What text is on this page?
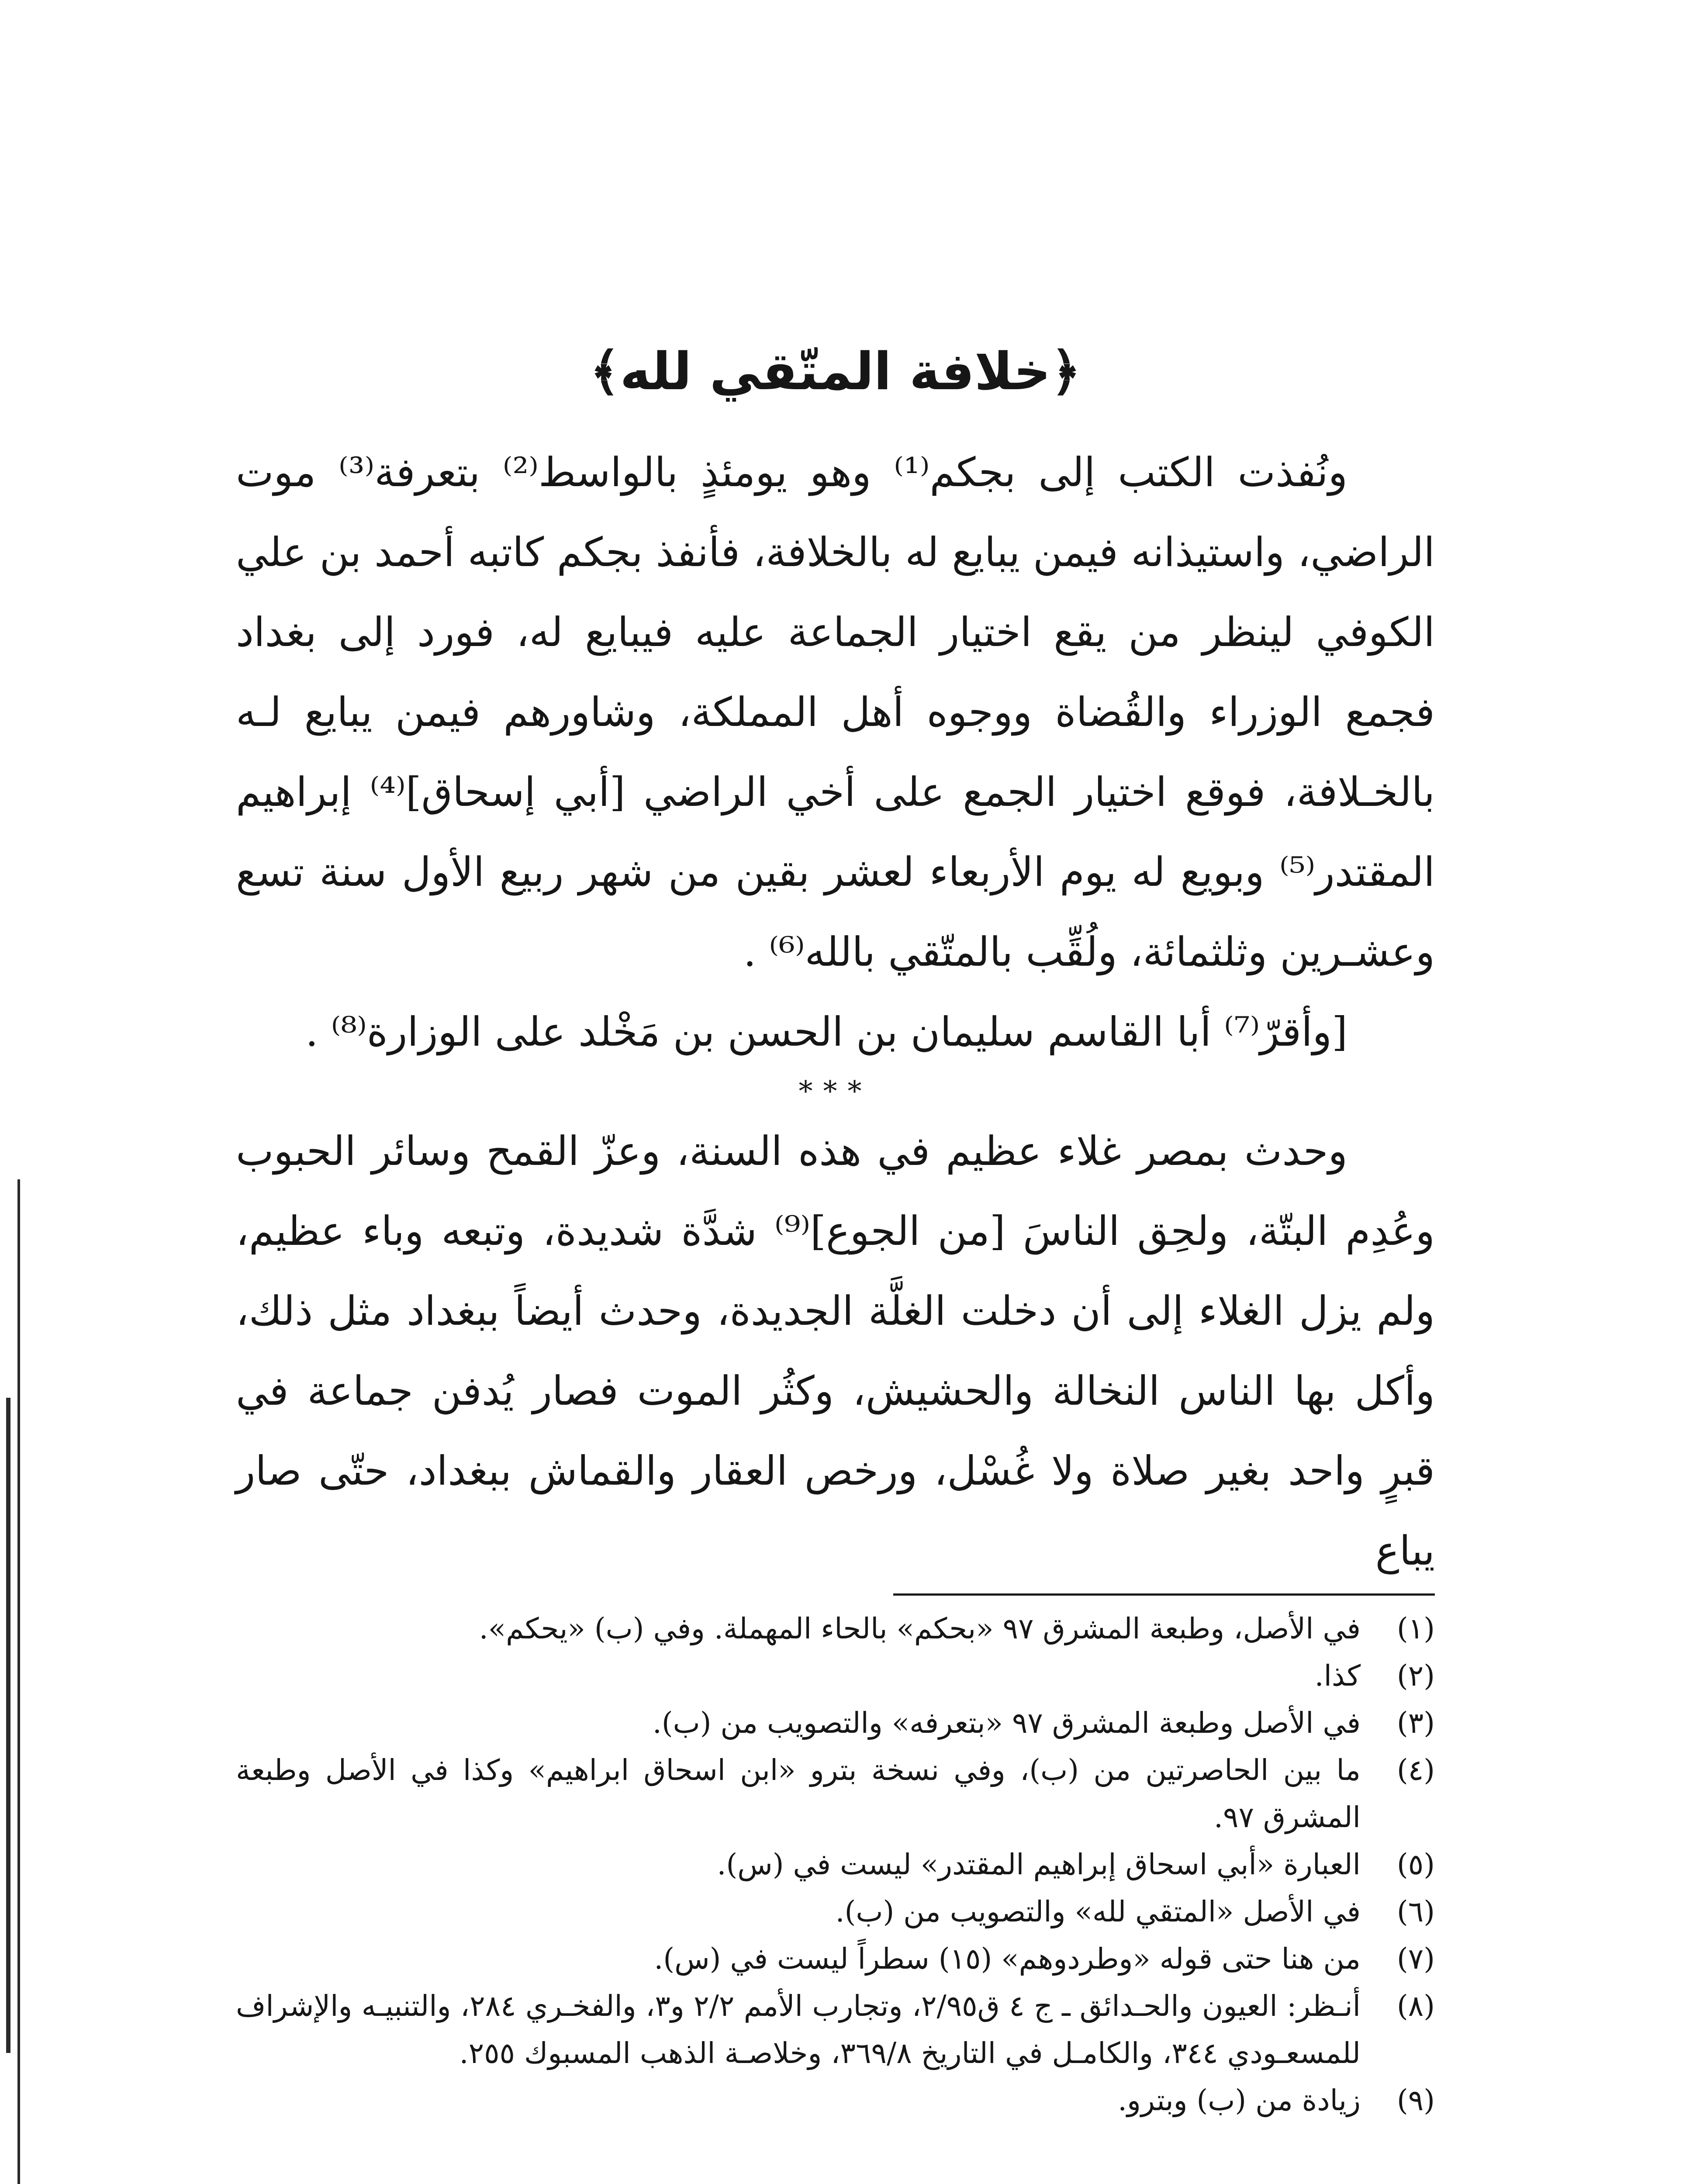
﴿خلافة المتّقي لله﴾
ونُفذت الكتب إلى بجكم⁽¹⁾ وهو يومئذٍ بالواسط⁽²⁾ بتعرفة⁽³⁾ موت الراضي، واستيذانه فيمن يبايع له بالخلافة، فأنفذ بجكم كاتبه أحمد بن علي الكوفي لينظر من يقع اختيار الجماعة عليه فيبايع له، فورد إلى بغداد فجمع الوزراء والقُضاة ووجوه أهل المملكة، وشاورهم فيمن يبايع لـه بالخـلافة، فوقع اختيار الجمع على أخي الراضي [أبي إسحاق]⁽⁴⁾ إبراهيم المقتدر⁽⁵⁾ وبويع له يوم الأربعاء لعشر بقين من شهر ربيع الأول سنة تسع وعشـرين وثلثمائة، ولُقِّب بالمتّقي بالله⁽⁶⁾ .
[وأقرّ⁽⁷⁾ أبا القاسم سليمان بن الحسن بن مَخْلد على الوزارة⁽⁸⁾ .
***
وحدث بمصر غلاء عظيم في هذه السنة، وعزّ القمح وسائر الحبوب وعُدِم البتّة، ولحِق الناسَ [من الجوع]⁽⁹⁾ شدَّة شديدة، وتبعه وباء عظيم، ولم يزل الغلاء إلى أن دخلت الغلَّة الجديدة، وحدث أيضاً ببغداد مثل ذلك، وأكل بها الناس النخالة والحشيش، وكثُر الموت فصار يُدفن جماعة في قبرٍ واحد بغير صلاة ولا غُسْل، ورخص العقار والقماش ببغداد، حتّى صار يباع
(١)
في الأصل، وطبعة المشرق ٩٧ «بحكم» بالحاء المهملة. وفي (ب) «يحكم».
(٢)
كذا.
(٣)
في الأصل وطبعة المشرق ٩٧ «بتعرفه» والتصويب من (ب).
(٤)
ما بين الحاصرتين من (ب)، وفي نسخة بترو «ابن اسحاق ابراهيم» وكذا في الأصل وطبعة المشرق ٩٧.
(٥)
العبارة «أبي اسحاق إبراهيم المقتدر» ليست في (س).
(٦)
في الأصل «المتقي لله» والتصويب من (ب).
(٧)
من هنا حتى قوله «وطردوهم» (١٥) سطراً ليست في (س).
(٨)
أنـظر: العيون والحـدائق ـ ج ٤ ق٢/٩٥، وتجارب الأمم ٢/٢ و٣، والفخـري ٢٨٤، والتنبيـه والإشراف للمسعـودي ٣٤٤، والكامـل في التاريخ ٣٦٩/٨، وخلاصـة الذهب المسبوك ٢٥٥.
(٩)
زيادة من (ب) وبترو.
